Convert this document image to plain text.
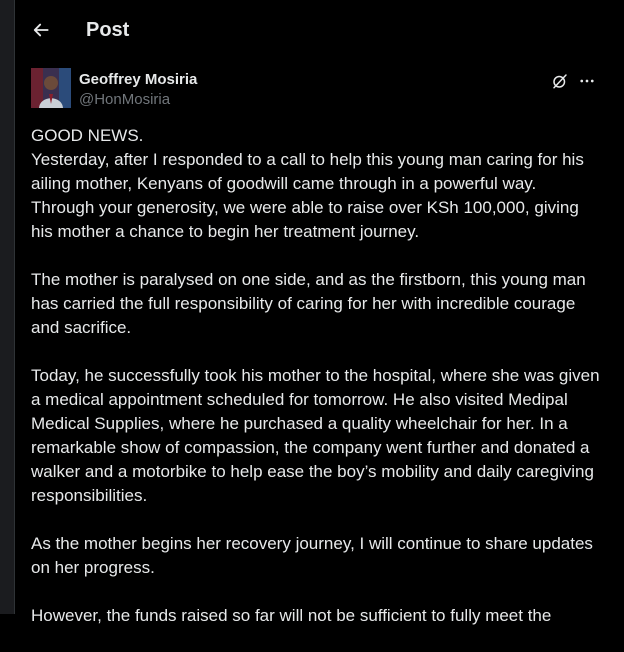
Post
Geoffrey Mosiria
@HonMosiria

GOOD NEWS.
Yesterday, after I responded to a call to help this young man caring for his ailing mother, Kenyans of goodwill came through in a powerful way. Through your generosity, we were able to raise over KSh 100,000, giving his mother a chance to begin her treatment journey.

The mother is paralysed on one side, and as the firstborn, this young man has carried the full responsibility of caring for her with incredible courage and sacrifice.

Today, he successfully took his mother to the hospital, where she was given a medical appointment scheduled for tomorrow. He also visited Medipal Medical Supplies, where he purchased a quality wheelchair for her. In a remarkable show of compassion, the company went further and donated a walker and a motorbike to help ease the boy’s mobility and daily caregiving responsibilities.

As the mother begins her recovery journey, I will continue to share updates on her progress.

However, the funds raised so far will not be sufficient to fully meet the
